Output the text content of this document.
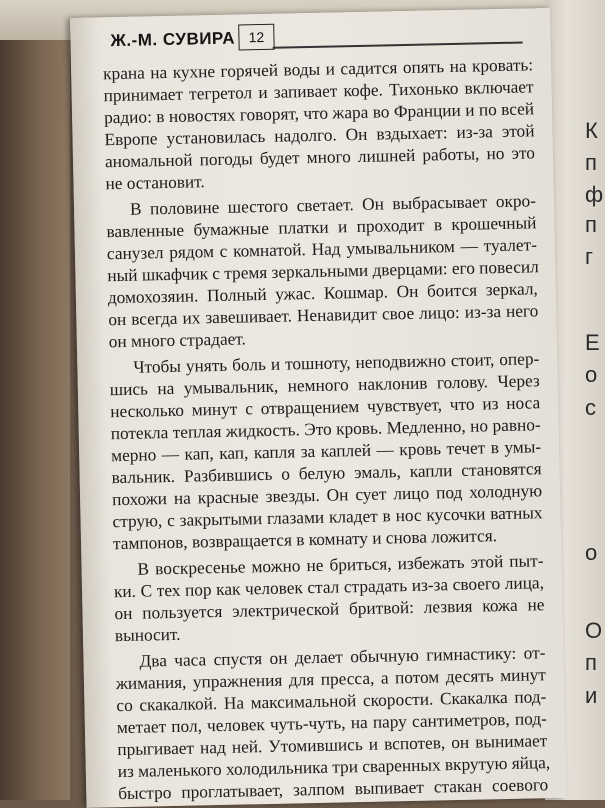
К
п
ф
п
г
Е
о
с
о
О
п
и
Ж.-М. СУВИРА 12
крана на кухне горячей воды и садится опять на кровать:
принимает тегретол и запивает кофе. Тихонько включает
радио: в новостях говорят, что жара во Франции и по всей
Европе установилась надолго. Он вздыхает: из-за этой
аномальной погоды будет много лишней работы, но это
не остановит.
В половине шестого светает. Он выбрасывает окро-
вавленные бумажные платки и проходит в крошечный
санузел рядом с комнатой. Над умывальником — туалет-
ный шкафчик с тремя зеркальными дверцами: его повесил
домохозяин. Полный ужас. Кошмар. Он боится зеркал,
он всегда их завешивает. Ненавидит свое лицо: из-за него
он много страдает.
Чтобы унять боль и тошноту, неподвижно стоит, опер-
шись на умывальник, немного наклонив голову. Через
несколько минут с отвращением чувствует, что из носа
потекла теплая жидкость. Это кровь. Медленно, но равно-
мерно — кап, кап, капля за каплей — кровь течет в умы-
вальник. Разбившись о белую эмаль, капли становятся
похожи на красные звезды. Он сует лицо под холодную
струю, с закрытыми глазами кладет в нос кусочки ватных
тампонов, возвращается в комнату и снова ложится.
В воскресенье можно не бриться, избежать этой пыт-
ки. С тех пор как человек стал страдать из-за своего лица,
он пользуется электрической бритвой: лезвия кожа не
выносит.
Два часа спустя он делает обычную гимнастику: от-
жимания, упражнения для пресса, а потом десять минут
со скакалкой. На максимальной скорости. Скакалка под-
метает пол, человек чуть-чуть, на пару сантиметров, под-
прыгивает над ней. Утомившись и вспотев, он вынимает
из маленького холодильника три сваренных вкрутую яйца,
быстро проглатывает, залпом выпивает стакан соевого
